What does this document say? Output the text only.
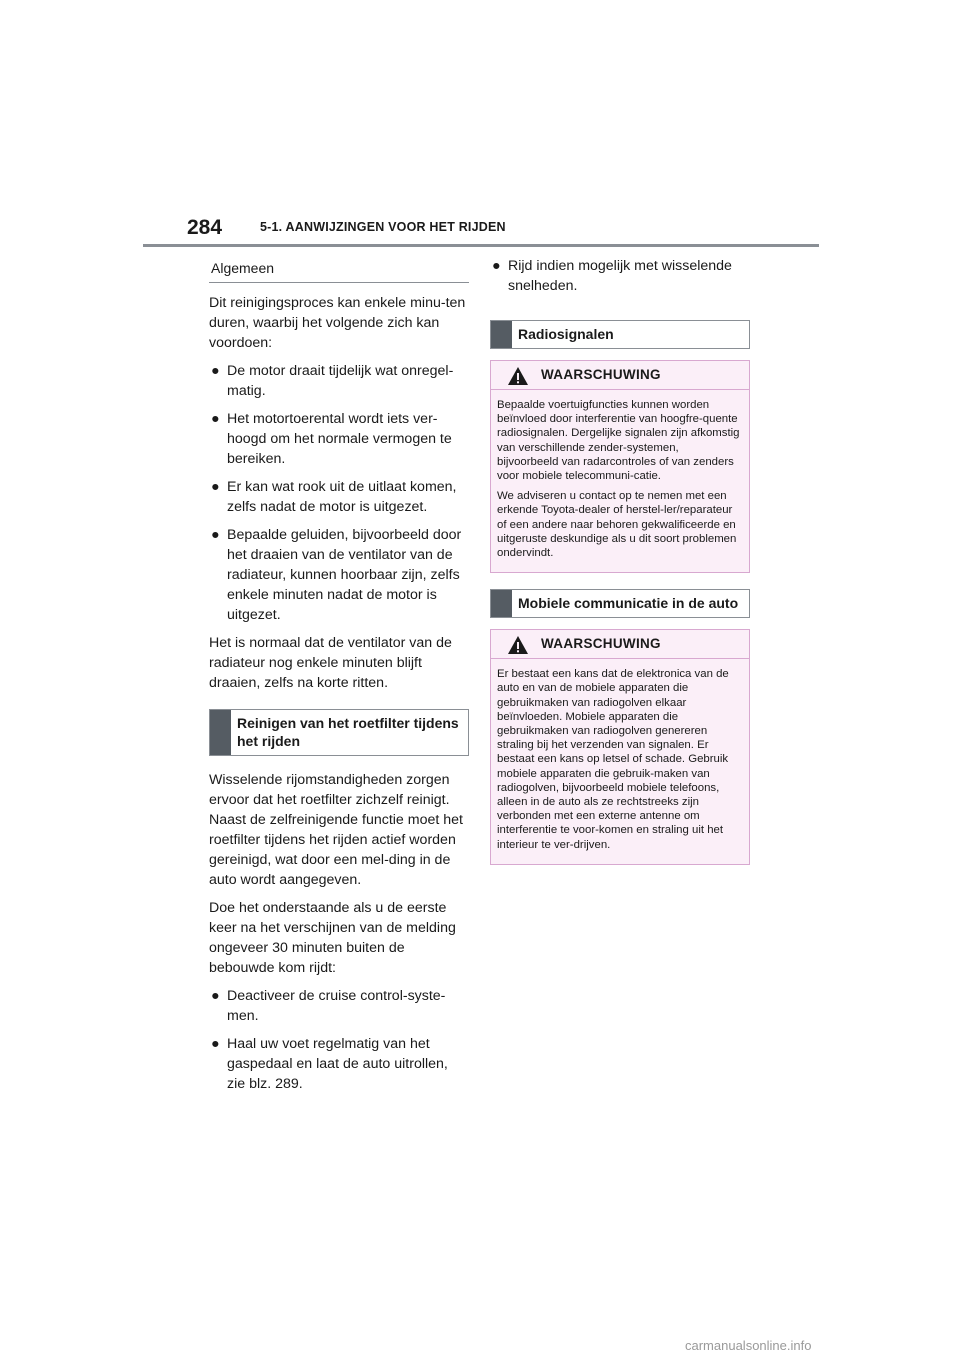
284	5-1. AANWIJZINGEN VOOR HET RIJDEN
Algemeen

Dit reinigingsproces kan enkele minu-ten duren, waarbij het volgende zich kan voordoen:

● De motor draait tijdelijk wat onregel-matig.
● Het motortoerental wordt iets ver-hoogd om het normale vermogen te bereiken.
● Er kan wat rook uit de uitlaat komen, zelfs nadat de motor is uitgezet.
● Bepaalde geluiden, bijvoorbeeld door het draaien van de ventilator van de radiateur, kunnen hoorbaar zijn, zelfs enkele minuten nadat de motor is uitgezet.

Het is normaal dat de ventilator van de radiateur nog enkele minuten blijft draaien, zelfs na korte ritten.

Reinigen van het roetfilter tijdens het rijden

Wisselende rijomstandigheden zorgen ervoor dat het roetfilter zichzelf reinigt. Naast de zelfreinigende functie moet het roetfilter tijdens het rijden actief worden gereinigd, wat door een mel-ding in de auto wordt aangegeven.

Doe het onderstaande als u de eerste keer na het verschijnen van de melding ongeveer 30 minuten buiten de bebouwde kom rijdt:

● Deactiveer de cruise control-syste-men.
● Haal uw voet regelmatig van het gaspedaal en laat de auto uitrollen, zie blz. 289.
● Rijd indien mogelijk met wisselende snelheden.
Radiosignalen
WAARSCHUWING
Bepaalde voertuigfuncties kunnen worden beïnvloed door interferentie van hoogfre-quente radiosignalen. Dergelijke signalen zijn afkomstig van verschillende zender-systemen, bijvoorbeeld van radarcontroles of van zenders voor mobiele telecommuni-catie.
We adviseren u contact op te nemen met een erkende Toyota-dealer of herstel-ler/reparateur of een andere naar behoren gekwalificeerde en uitgeruste deskundige als u dit soort problemen ondervindt.
Mobiele communicatie in de auto
WAARSCHUWING
Er bestaat een kans dat de elektronica van de auto en van de mobiele apparaten die gebruikmaken van radiogolven elkaar beïnvloeden. Mobiele apparaten die gebruikmaken van radiogolven genereren straling bij het verzenden van signalen. Er bestaat een kans op letsel of schade. Gebruik mobiele apparaten die gebruik-maken van radiogolven, bijvoorbeeld mobiele telefoons, alleen in de auto als ze rechtstreeks zijn verbonden met een externe antenne om interferentie te voor-komen en straling uit het interieur te ver-drijven.
carmanualsonline.info
